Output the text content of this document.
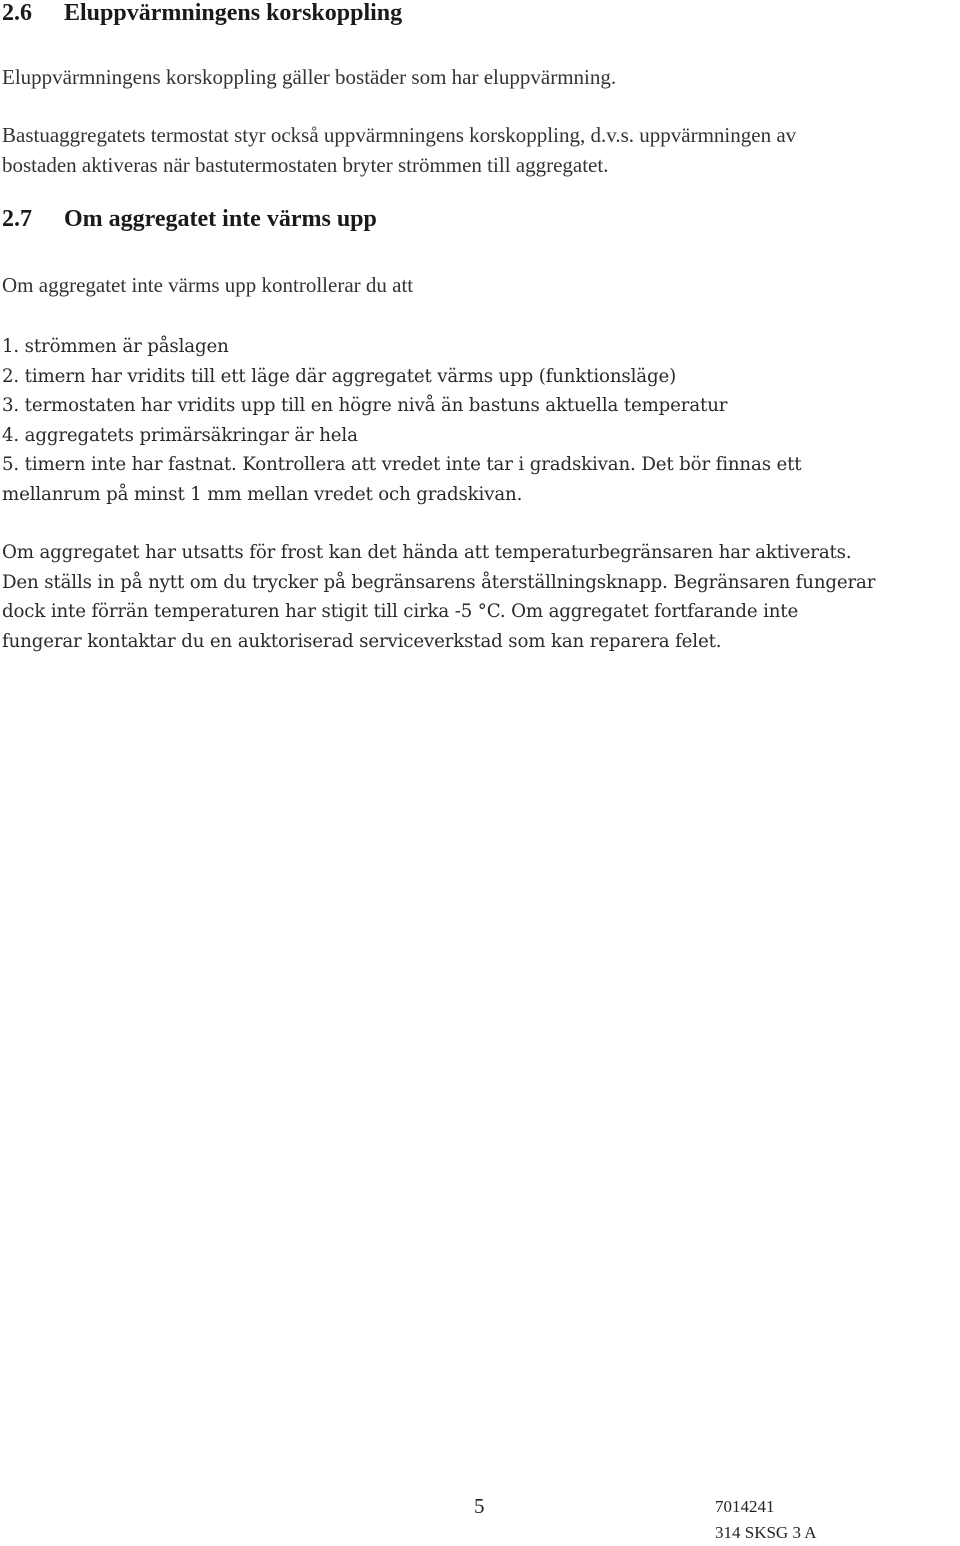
2.6 Eluppvärmningens korskoppling

Eluppvärmningens korskoppling gäller bostäder som har eluppvärmning.

Bastuaggregatets termostat styr också uppvärmningens korskoppling, d.v.s. uppvärmningen av
bostaden aktiveras när bastutermostaten bryter strömmen till aggregatet.
2.7 Om aggregatet inte värms upp

Om aggregatet inte värms upp kontrollerar du att

1. strömmen är påslagen
2. timern har vridits till ett läge där aggregatet värms upp (funktionsläge)
3. termostaten har vridits upp till en högre nivå än bastuns aktuella temperatur
4. aggregatets primärsäkringar är hela
5. timern inte har fastnat. Kontrollera att vredet inte tar i gradskivan. Det bör finnas ett
mellanrum på minst 1 mm mellan vredet och gradskivan.
Om aggregatet har utsatts för frost kan det hända att temperaturbegränsaren har aktiverats.
Den ställs in på nytt om du trycker på begränsarens återställningsknapp. Begränsaren fungerar
dock inte förrän temperaturen har stigit till cirka -5 °C. Om aggregatet fortfarande inte
fungerar kontaktar du en auktoriserad serviceverkstad som kan reparera felet.
5	7014241
314 SKSG 3 A
